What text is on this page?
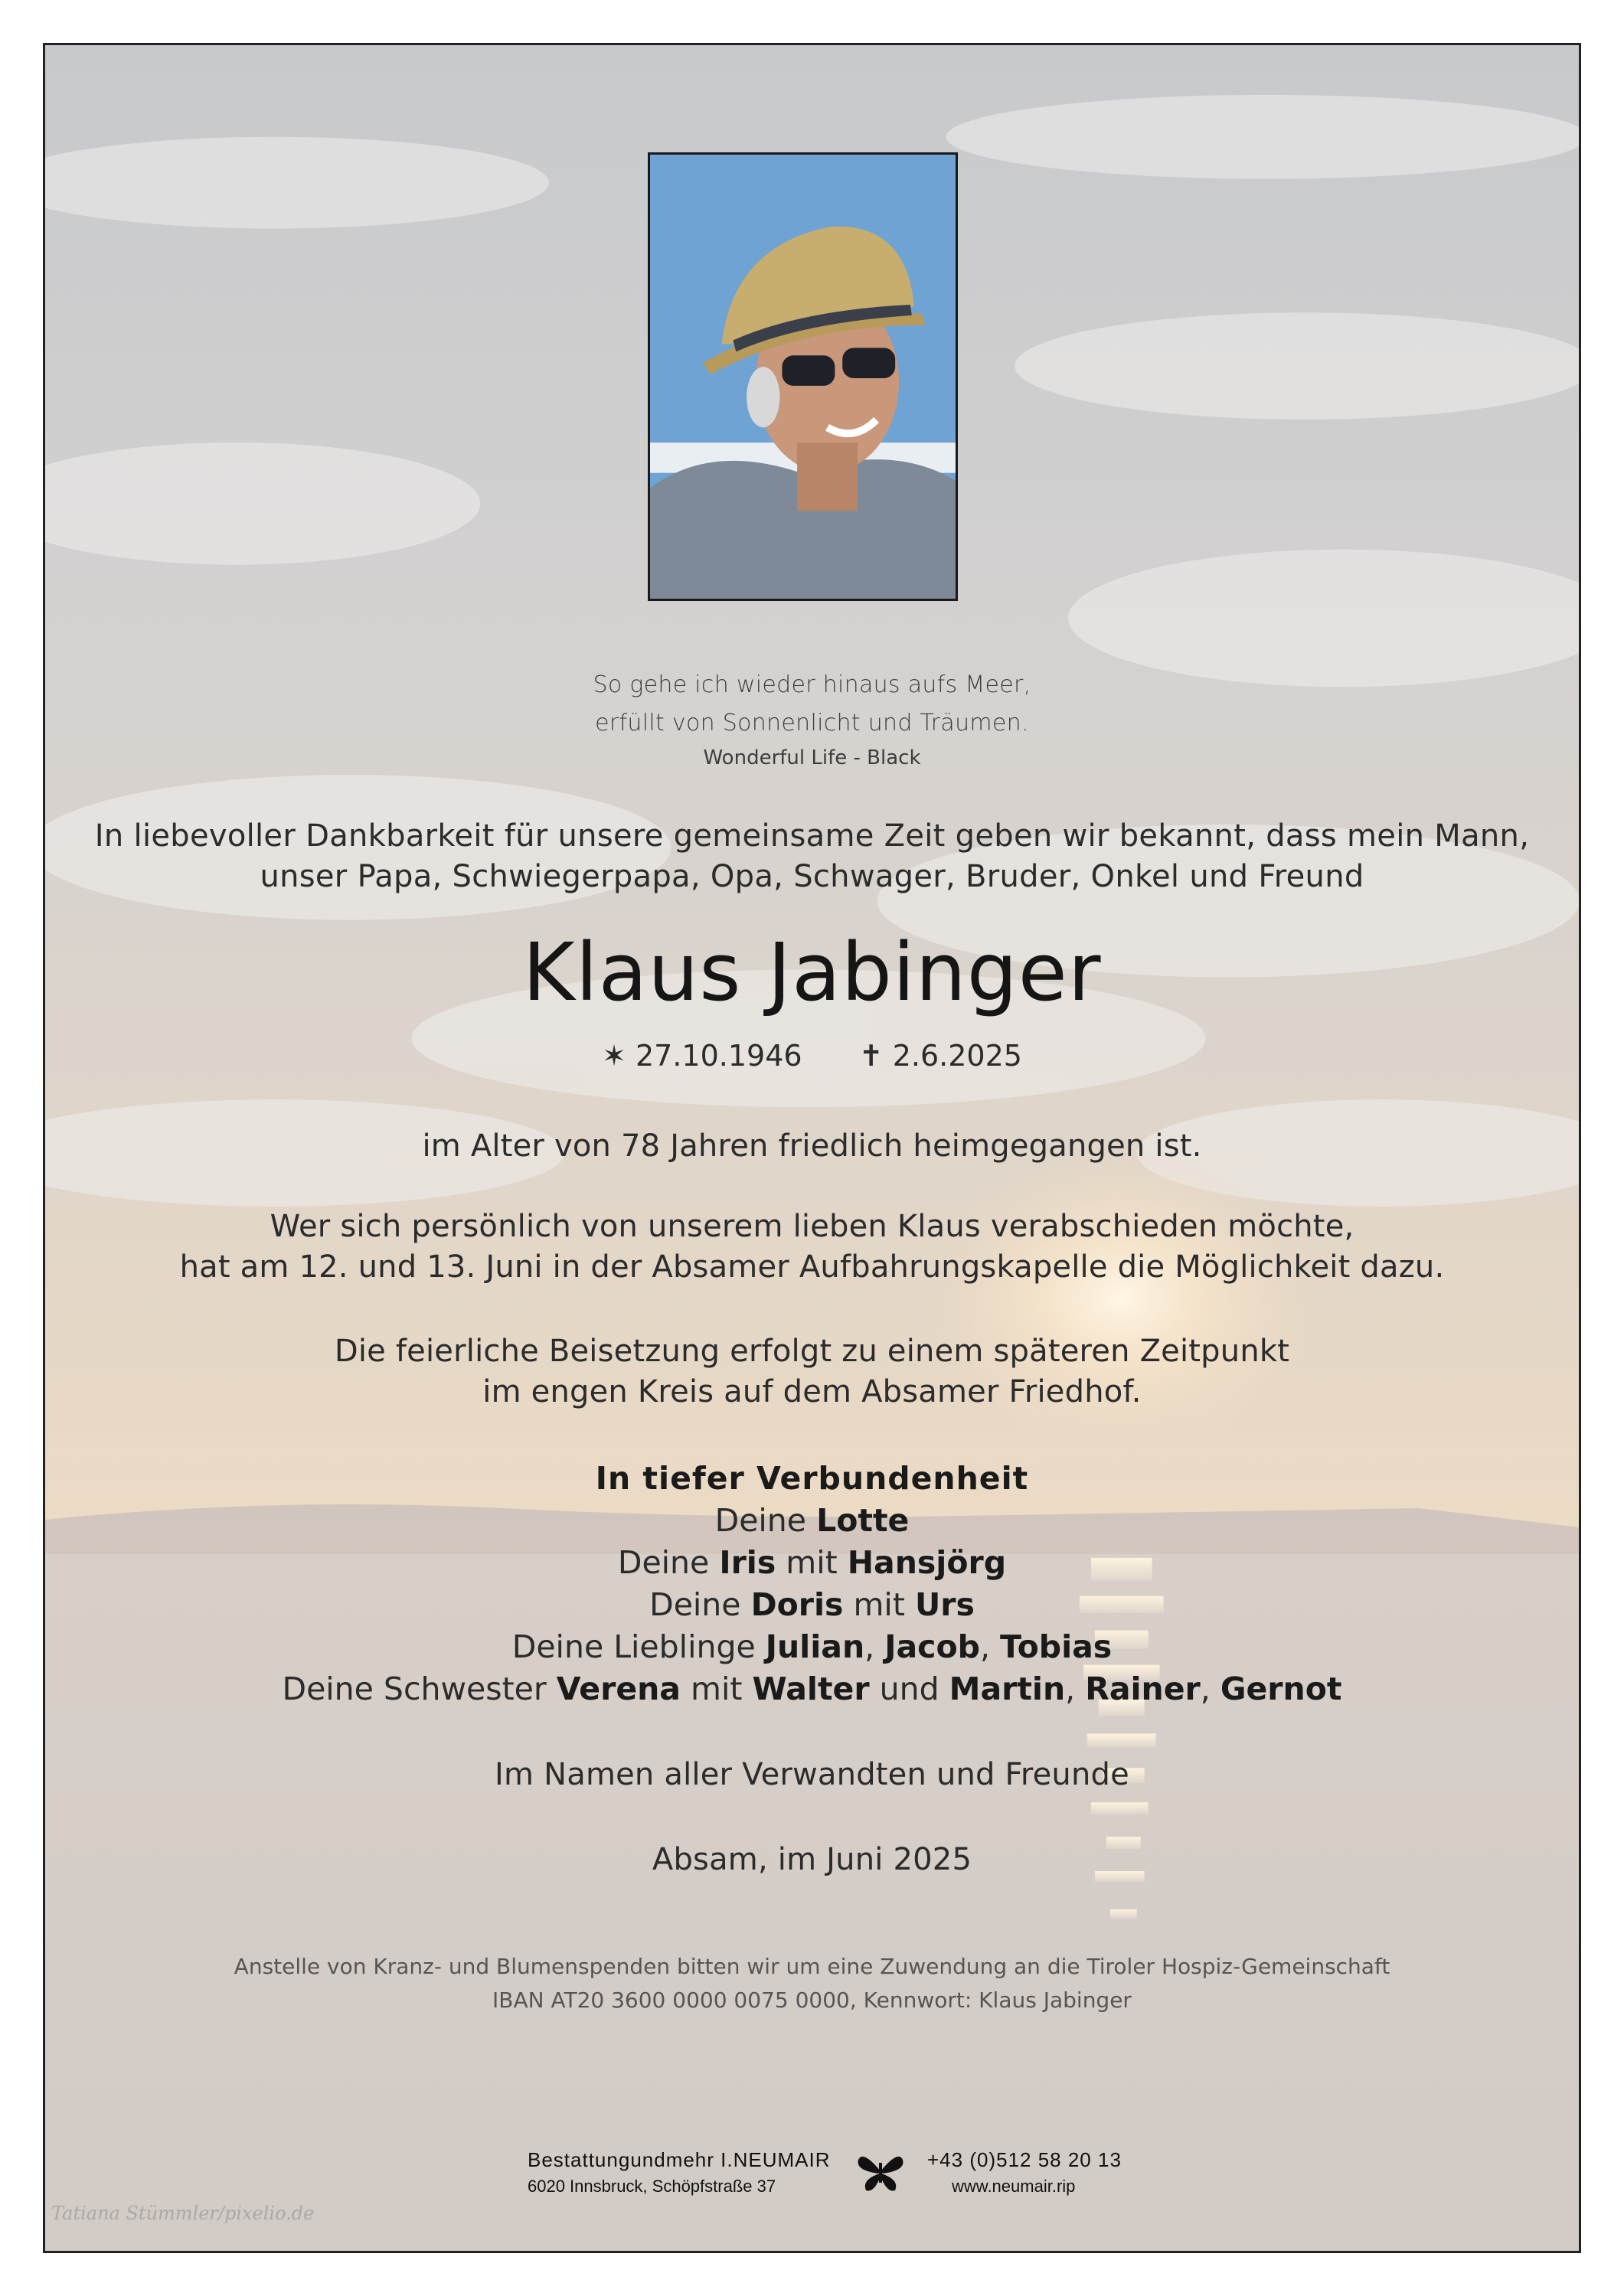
So gehe ich wieder hinaus aufs Meer,
erfüllt von Sonnenlicht und Träumen.
Wonderful Life - Black
In liebevoller Dankbarkeit für unsere gemeinsame Zeit geben wir bekannt, dass mein Mann,
unser Papa, Schwiegerpapa, Opa, Schwager, Bruder, Onkel und Freund
Klaus Jabinger
✶ 27.10.1946 ✝ 2.6.2025
im Alter von 78 Jahren friedlich heimgegangen ist.
Wer sich persönlich von unserem lieben Klaus verabschieden möchte,
hat am 12. und 13. Juni in der Absamer Aufbahrungskapelle die Möglichkeit dazu.
Die feierliche Beisetzung erfolgt zu einem späteren Zeitpunkt
im engen Kreis auf dem Absamer Friedhof.
In tiefer Verbundenheit
Deine Lotte
Deine Iris mit Hansjörg
Deine Doris mit Urs
Deine Lieblinge Julian, Jacob, Tobias
Deine Schwester Verena mit Walter und Martin, Rainer, Gernot
Im Namen aller Verwandten und Freunde
Absam, im Juni 2025
Anstelle von Kranz- und Blumenspenden bitten wir um eine Zuwendung an die Tiroler Hospiz-Gemeinschaft
IBAN AT20 3600 0000 0075 0000, Kennwort: Klaus Jabinger
Bestattungundmehr I.NEUMAIR
6020 Innsbruck, Schöpfstraße 37
+43 (0)512 58 20 13
www.neumair.rip
Tatiana Stümmler/pixelio.de
